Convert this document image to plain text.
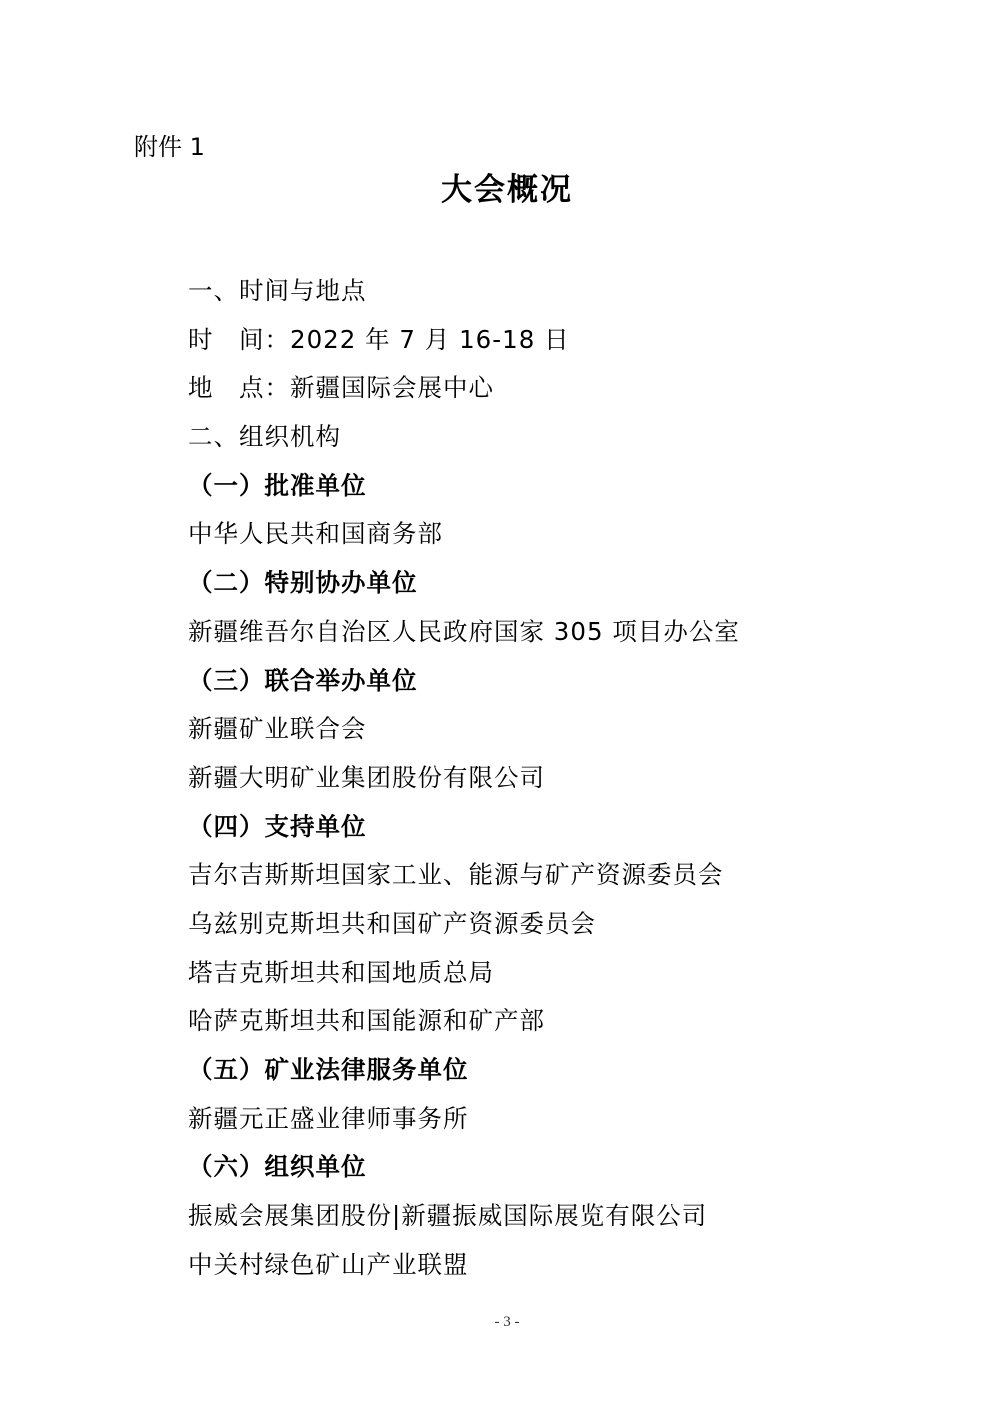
附件 1
大会概况
一、时间与地点
时　间：2022 年 7 月 16-18 日
地　点：新疆国际会展中心
二、组织机构
（一）批准单位
中华人民共和国商务部
（二）特别协办单位
新疆维吾尔自治区人民政府国家 305 项目办公室
（三）联合举办单位
新疆矿业联合会
新疆大明矿业集团股份有限公司
（四）支持单位
吉尔吉斯斯坦国家工业、能源与矿产资源委员会
乌兹别克斯坦共和国矿产资源委员会
塔吉克斯坦共和国地质总局
哈萨克斯坦共和国能源和矿产部
（五）矿业法律服务单位
新疆元正盛业律师事务所
（六）组织单位
振威会展集团股份|新疆振威国际展览有限公司
中关村绿色矿山产业联盟
- 3 -
